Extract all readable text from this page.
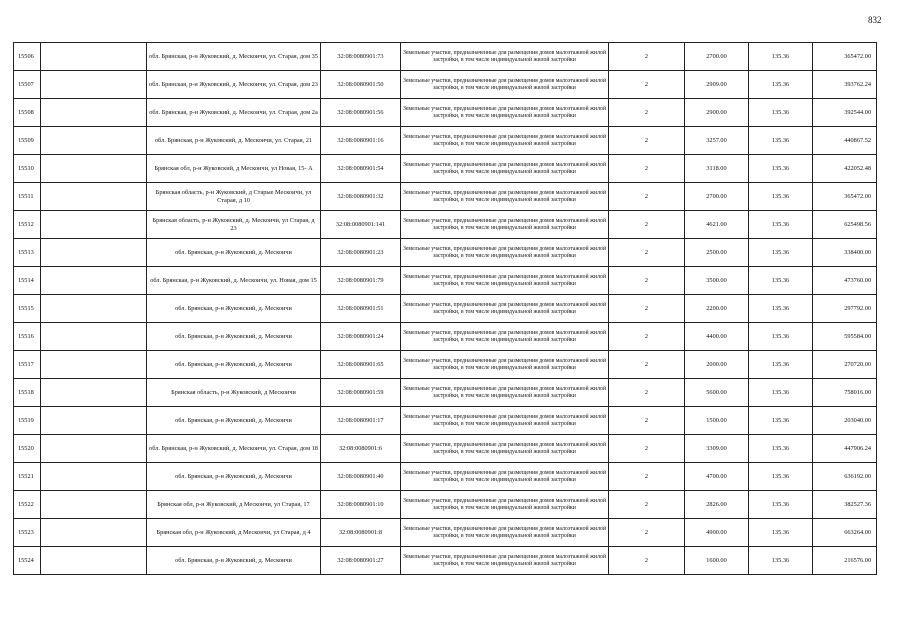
832
15506		обл. Брянская, р-н Жуковский, д. Мескоичи, ул. Старая, дом 35	32:08:0080901:73	Земельные участки, предназначенные для размещения домов малоэтажной жилой застройки, в том числе индивидуальной жилой застройки	2	2700.00	135.36	365472.00
15507		обл. Брянская, р-н Жуковский, д. Мескоичи, ул. Старая, дом 23	32:08:0080901:50	Земельные участки, предназначенные для размещения домов малоэтажной жилой застройки, в том числе индивидуальной жилой застройки	2	2909.00	135.36	393762.24
15508		обл. Брянская, р-н Жуковский, д. Мескоичи, ул. Старая, дом 2а	32:08:0080901:56	Земельные участки, предназначенные для размещения домов малоэтажной жилой застройки, в том числе индивидуальной жилой застройки	2	2900.00	135.36	392544.00
15509		обл. Брянская, р-н Жуковский, д. Мескоичи, ул. Старая, 21	32:08:0080901:16	Земельные участки, предназначенные для размещения домов малоэтажной жилой застройки, в том числе индивидуальной жилой застройки	2	3257.00	135.36	440867.52
15510		Брянская обл, р-н Жуковский, д Мескоичи, ул Новая, 15- А	32:08:0080901:54	Земельные участки, предназначенные для размещения домов малоэтажной жилой застройки, в том числе индивидуальной жилой застройки	2	3118.00	135.36	422052.48
15511		Брянская область, р-н Жуковский, д Старые Мескоичи, ул Старая, д 10	32:08:0080901:32	Земельные участки, предназначенные для размещения домов малоэтажной жилой застройки, в том числе индивидуальной жилой застройки	2	2700.00	135.36	365472.00
15512		Брянская область, р-н Жуковский, д. Мескоичи, ул Старая, д 23	32:08:0080901:141	Земельные участки, предназначенные для размещения домов малоэтажной жилой застройки, в том числе индивидуальной жилой застройки	2	4621.00	135.36	625498.56
15513		обл. Брянская, р-н Жуковский, д. Мескоичи	32:08:0080901:23	Земельные участки, предназначенные для размещения домов малоэтажной жилой застройки, в том числе индивидуальной жилой застройки	2	2500.00	135.36	338400.00
15514		обл. Брянская, р-н Жуковский, д. Мескоичи, ул. Новая, дом 15	32:08:0080901:79	Земельные участки, предназначенные для размещения домов малоэтажной жилой застройки, в том числе индивидуальной жилой застройки	2	3500.00	135.36	473760.00
15515		обл. Брянская, р-н Жуковский, д. Мескоичи	32:08:0080901:51	Земельные участки, предназначенные для размещения домов малоэтажной жилой застройки, в том числе индивидуальной жилой застройки	2	2200.00	135.36	297792.00
15516		обл. Брянская, р-н Жуковский, д. Мескоичи	32:08:0080901:24	Земельные участки, предназначенные для размещения домов малоэтажной жилой застройки, в том числе индивидуальной жилой застройки	2	4400.00	135.36	595584.00
15517		обл. Брянская, р-н Жуковский, д. Мескоичи	32:08:0080901:65	Земельные участки, предназначенные для размещения домов малоэтажной жилой застройки, в том числе индивидуальной жилой застройки	2	2000.00	135.36	270720.00
15518		Брянская область, р-н Жуковский, д Мескоичи	32:08:0080901:59	Земельные участки, предназначенные для размещения домов малоэтажной жилой застройки, в том числе индивидуальной жилой застройки	2	5600.00	135.36	758016.00
15519		обл. Брянская, р-н Жуковский, д. Мескоичи	32:08:0080901:17	Земельные участки, предназначенные для размещения домов малоэтажной жилой застройки, в том числе индивидуальной жилой застройки	2	1500.00	135.36	203040.00
15520		обл. Брянская, р-н Жуковский, д. Мескоичи, ул. Старая, дом 18	32:08:0080901:6	Земельные участки, предназначенные для размещения домов малоэтажной жилой застройки, в том числе индивидуальной жилой застройки	2	3309.00	135.36	447906.24
15521		обл. Брянская, р-н Жуковский, д. Мескоичи	32:08:0080901:40	Земельные участки, предназначенные для размещения домов малоэтажной жилой застройки, в том числе индивидуальной жилой застройки	2	4700.00	135.36	636192.00
15522		Брянская обл, р-н Жуковский, д Мескоичи, ул Старая, 17	32:08:0080901:10	Земельные участки, предназначенные для размещения домов малоэтажной жилой застройки, в том числе индивидуальной жилой застройки	2	2826.00	135.36	382527.36
15523		Брянская обл, р-н Жуковский, д Мескоичи, ул Старая, д 4	32:08:0080901:8	Земельные участки, предназначенные для размещения домов малоэтажной жилой застройки, в том числе индивидуальной жилой застройки	2	4900.00	135.36	663264.00
15524		обл. Брянская, р-н Жуковский, д. Мескоичи	32:08:0080901:27	Земельные участки, предназначенные для размещения домов малоэтажной жилой застройки, в том числе индивидуальной жилой застройки	2	1600.00	135.36	216576.00
